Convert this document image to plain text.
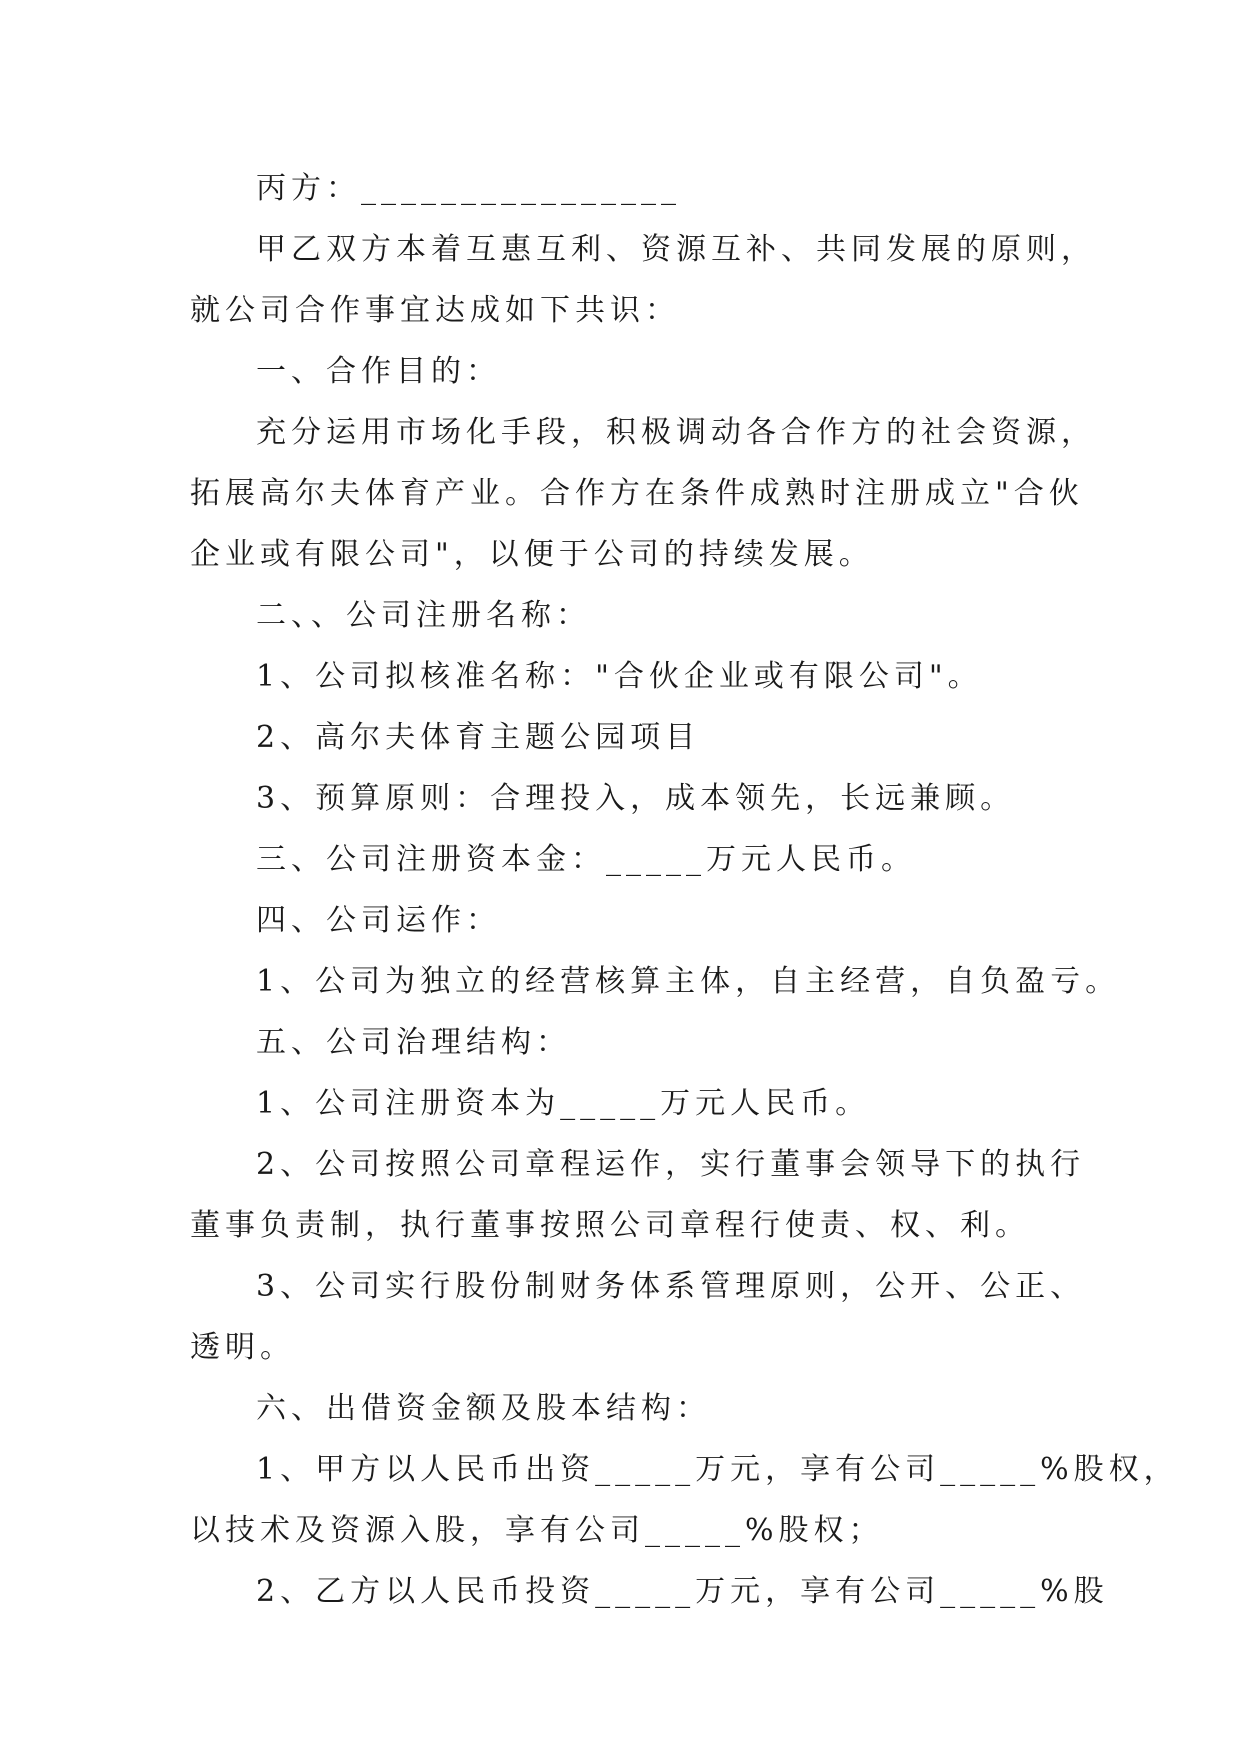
丙方：________________

甲乙双方本着互惠互利、资源互补、共同发展的原则，
就公司合作事宜达成如下共识：

一、合作目的：

充分运用市场化手段，积极调动各合作方的社会资源，
拓展高尔夫体育产业。合作方在条件成熟时注册成立"合伙
企业或有限公司"，以便于公司的持续发展。

二、、公司注册名称：

1、公司拟核准名称："合伙企业或有限公司"。

2、高尔夫体育主题公园项目

3、预算原则：合理投入，成本领先，长远兼顾。

三、公司注册资本金：_____万元人民币。

四、公司运作：

1、公司为独立的经营核算主体，自主经营，自负盈亏。

五、公司治理结构：

1、公司注册资本为_____万元人民币。

2、公司按照公司章程运作，实行董事会领导下的执行
董事负责制，执行董事按照公司章程行使责、权、利。

3、公司实行股份制财务体系管理原则，公开、公正、
透明。

六、出借资金额及股本结构：

1、甲方以人民币出资_____万元，享有公司_____%股权，
以技术及资源入股，享有公司_____%股权；

2、乙方以人民币投资_____万元，享有公司_____%股
